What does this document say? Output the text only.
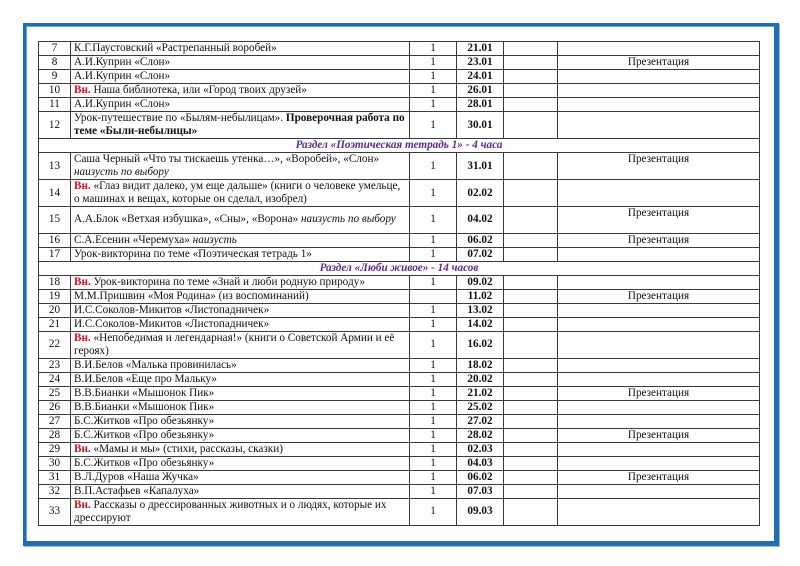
7	К.Г.Паустовский «Растрепанный воробей»	1	21.01		
8	А.И.Куприн «Слон»	1	23.01		Презентация
9	А.И.Куприн «Слон»	1	24.01		
10	Вн. Наша библиотека, или «Город твоих друзей»	1	26.01		
11	А.И.Куприн «Слон»	1	28.01		
12	Урок-путешествие по «Былям-небылицам». Проверочная работа по теме «Были-небылицы»	1	30.01		
Раздел «Поэтическая тетрадь 1» - 4 часа					
13	Саша Черный «Что ты тискаешь утенка…», «Воробей», «Слон» наизусть по выбору	1	31.01		Презентация
14	Вн. «Глаз видит далеко, ум еще дальше» (книги о человеке умельце, о машинах и вещах, которые он сделал, изобрел)	1	02.02		
15	А.А.Блок «Ветхая избушка», «Сны», «Ворона» наизусть по выбору	1	04.02		Презентация
16	С.А.Есенин «Черемуха» наизусть	1	06.02		Презентация
17	Урок-викторина по теме «Поэтическая тетрадь 1»	1	07.02		
Раздел «Люби живое» - 14 часов					
18	Вн. Урок-викторина по теме «Знай и люби родную природу»	1	09.02		
19	М.М.Пришвин «Моя Родина» (из воспоминаний)		11.02		Презентация
20	И.С.Соколов-Микитов «Листопадничек»	1	13.02		
21	И.С.Соколов-Микитов «Листопадничек»	1	14.02		
22	Вн. «Непобедимая и легендарная!» (книги о Советской Армии и её героях)	1	16.02		
23	В.И.Белов «Малька провинилась»	1	18.02		
24	В.И.Белов «Еще про Мальку»	1	20.02		
25	В.В.Бианки «Мышонок Пик»	1	21.02		Презентация
26	В.В.Бианки «Мышонок Пик»	1	25.02		
27	Б.С.Житков «Про обезьянку»	1	27.02		
28	Б.С.Житков «Про обезьянку»	1	28.02		Презентация
29	Вн. «Мамы и мы» (стихи, рассказы, сказки)	1	02.03		
30	Б.С.Житков «Про обезьянку»	1	04.03		
31	В.Л.Дуров «Наша Жучка»	1	06.02		Презентация
32	В.П.Астафьев «Капалуха»	1	07.03		
33	Вн. Рассказы о дрессированных животных и о людях, которые их дрессируют	1	09.03		
